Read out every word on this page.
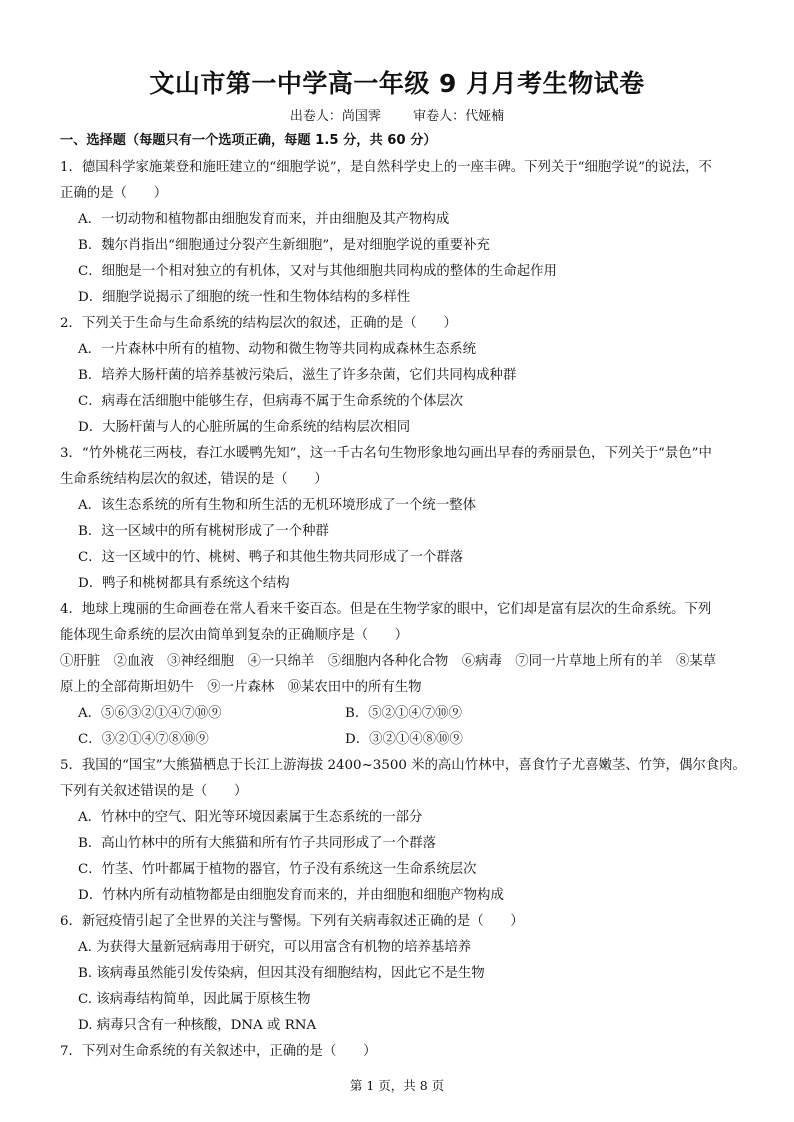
文山市第一中学高一年级 9 月月考生物试卷
出卷人：尚国霁 审卷人：代娅楠
一、选择题（每题只有一个选项正确，每题 1.5 分，共 60 分）
1．德国科学家施莱登和施旺建立的“细胞学说”，是自然科学史上的一座丰碑。下列关于“细胞学说”的说法，不
正确的是（　　）
A．一切动物和植物都由细胞发育而来，并由细胞及其产物构成
B．魏尔肖指出“细胞通过分裂产生新细胞”，是对细胞学说的重要补充
C．细胞是一个相对独立的有机体，又对与其他细胞共同构成的整体的生命起作用
D．细胞学说揭示了细胞的统一性和生物体结构的多样性
2．下列关于生命与生命系统的结构层次的叙述，正确的是（　　）
A．一片森林中所有的植物、动物和微生物等共同构成森林生态系统
B．培养大肠杆菌的培养基被污染后，滋生了许多杂菌，它们共同构成种群
C．病毒在活细胞中能够生存，但病毒不属于生命系统的个体层次
D．大肠杆菌与人的心脏所属的生命系统的结构层次相同
3．“竹外桃花三两枝，春江水暖鸭先知”，这一千古名句生物形象地勾画出早春的秀丽景色，下列关于“景色”中
生命系统结构层次的叙述，错误的是（　　）
A．该生态系统的所有生物和所生活的无机环境形成了一个统一整体
B．这一区域中的所有桃树形成了一个种群
C．这一区域中的竹、桃树、鸭子和其他生物共同形成了一个群落
D．鸭子和桃树都具有系统这个结构
4．地球上瑰丽的生命画卷在常人看来千姿百态。但是在生物学家的眼中，它们却是富有层次的生命系统。下列
能体现生命系统的层次由简单到复杂的正确顺序是（　　）
①肝脏　②血液　③神经细胞　④一只绵羊　⑤细胞内各种化合物　⑥病毒　⑦同一片草地上所有的羊　⑧某草
原上的全部荷斯坦奶牛　⑨一片森林　⑩某农田中的所有生物
A．⑤⑥③②①④⑦⑩⑨	B．⑤②①④⑦⑩⑨
C．③②①④⑦⑧⑩⑨	D．③②①④⑧⑩⑨
5．我国的“国宝”大熊猫栖息于长江上游海拔 2400~3500 米的高山竹林中，喜食竹子尤喜嫩茎、竹笋，偶尔食肉。
下列有关叙述错误的是（　　）
A．竹林中的空气、阳光等环境因素属于生态系统的一部分
B．高山竹林中的所有大熊猫和所有竹子共同形成了一个群落
C．竹茎、竹叶都属于植物的器官，竹子没有系统这一生命系统层次
D．竹林内所有动植物都是由细胞发育而来的，并由细胞和细胞产物构成
6．新冠疫情引起了全世界的关注与警惕。下列有关病毒叙述正确的是（　　）
A. 为获得大量新冠病毒用于研究，可以用富含有机物的培养基培养
B. 该病毒虽然能引发传染病，但因其没有细胞结构，因此它不是生物
C. 该病毒结构简单，因此属于原核生物
D. 病毒只含有一种核酸，DNA 或 RNA
7．下列对生命系统的有关叙述中，正确的是（　　）
第 1 页，共 8 页
